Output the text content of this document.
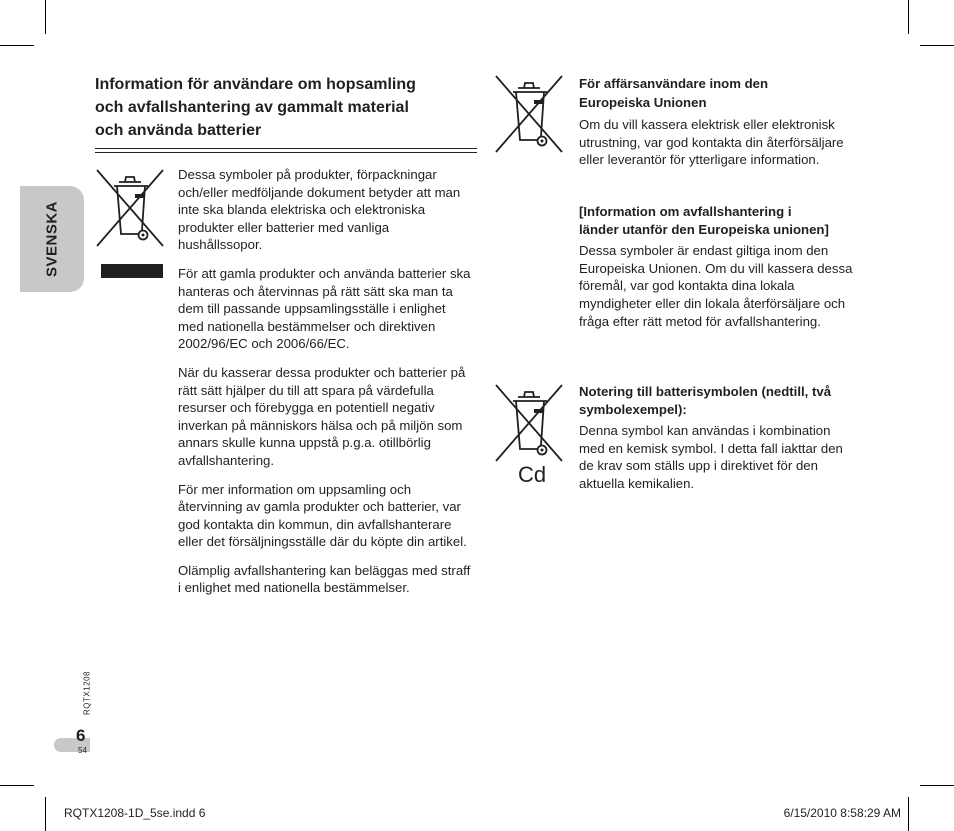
SVENSKA
Information för användare om hopsamling
och avfallshantering av gammalt material
och använda batterier

Dessa symboler på produkter, förpackningar och/eller medföljande dokument betyder att man inte ska blanda elektriska och elektroniska produkter eller batterier med vanliga hushållssopor.

För att gamla produkter och använda batterier ska hanteras och återvinnas på rätt sätt ska man ta dem till passande uppsamlingsställe i enlighet med nationella bestämmelser och direktiven 2002/96/EC och 2006/66/EC.

När du kasserar dessa produkter och batterier på rätt sätt hjälper du till att spara på värdefulla resurser och förebygga en potentiell negativ inverkan på människors hälsa och på miljön som annars skulle kunna uppstå p.g.a. otillbörlig avfallshantering.

För mer information om uppsamling och återvinning av gamla produkter och batterier, var god kontakta din kommun, din avfallshanterare eller det försäljningsställe där du köpte din artikel.

Olämplig avfallshantering kan beläggas med straff i enlighet med nationella bestämmelser.

Cd

För affärsanvändare inom den Europeiska Unionen

Om du vill kassera elektrisk eller elektronisk utrustning, var god kontakta din återförsäljare eller leverantör för ytterligare information.

[Information om avfallshantering i länder utanför den Europeiska unionen]

Dessa symboler är endast giltiga inom den Europeiska Unionen. Om du vill kassera dessa föremål, var god kontakta dina lokala myndigheter eller din lokala återförsäljare och fråga efter rätt metod för avfallshantering.

Notering till batterisymbolen (nedtill, två symbolexempel):

Denna symbol kan användas i kombination med en kemisk symbol. I detta fall iakttar den de krav som ställs upp i direktivet för den aktuella kemikalien.

RQTX1208
6
54
RQTX1208-1D_5se.indd 6	6/15/2010 8:58:29 AM
